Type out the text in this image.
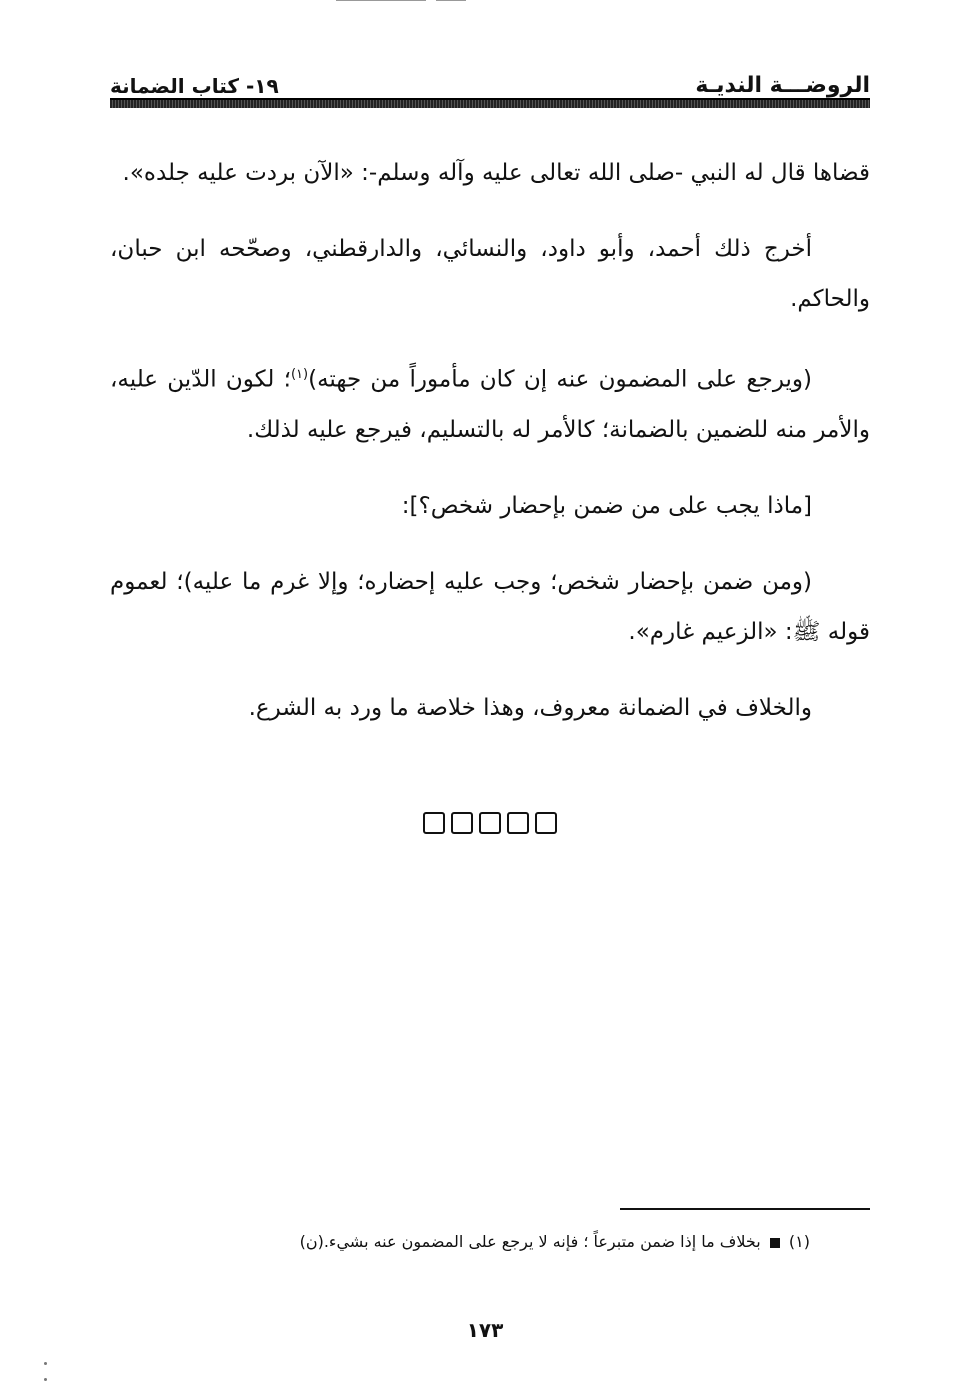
الروضـــة النديـة
١٩- كتاب الضمانة

قضاها قال له النبي -صلى الله تعالى عليه وآله وسلم-: «الآن بردت عليه جلده».

أخرج ذلك أحمد، وأبو داود، والنسائي، والدارقطني، وصحّحه ابن حبان، والحاكم.

(ويرجع على المضمون عنه إن كان مأموراً من جهته)$^{(١)}$؛ لكون الدّين عليه، والأمر منه للضمين بالضمانة؛ كالأمر له بالتسليم، فيرجع عليه لذلك.

[ماذا يجب على من ضمن بإحضار شخص؟]:

(ومن ضمن بإحضار شخص؛ وجب عليه إحضاره؛ وإلا غرم ما عليه)؛ لعموم قوله ﷺ: «الزعيم غارم».

والخلاف في الضمانة معروف، وهذا خلاصة ما ورد به الشرع.

(١)  بخلاف ما إذا ضمن متبرعاً ؛ فإنه لا يرجع على المضمون عنه بشيء.(ن)
١٧٣
